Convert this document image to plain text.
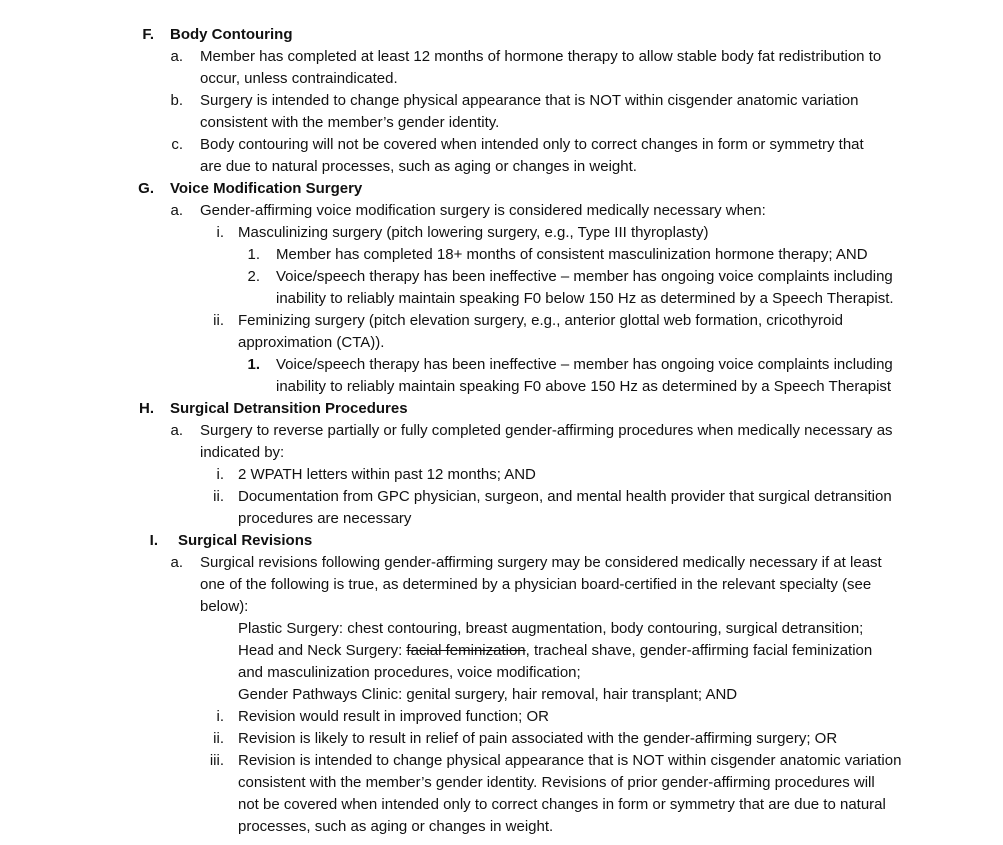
F. Body Contouring
a. Member has completed at least 12 months of hormone therapy to allow stable body fat redistribution to
occur, unless contraindicated.
b. Surgery is intended to change physical appearance that is NOT within cisgender anatomic variation
consistent with the member’s gender identity.
c. Body contouring will not be covered when intended only to correct changes in form or symmetry that
are due to natural processes, such as aging or changes in weight.
G. Voice Modification Surgery
a. Gender-affirming voice modification surgery is considered medically necessary when:
i. Masculinizing surgery (pitch lowering surgery, e.g., Type III thyroplasty)
1. Member has completed 18+ months of consistent masculinization hormone therapy; AND
2. Voice/speech therapy has been ineffective – member has ongoing voice complaints including
inability to reliably maintain speaking F0 below 150 Hz as determined by a Speech Therapist.
ii. Feminizing surgery (pitch elevation surgery, e.g., anterior glottal web formation, cricothyroid
approximation (CTA)).
1. Voice/speech therapy has been ineffective – member has ongoing voice complaints including
inability to reliably maintain speaking F0 above 150 Hz as determined by a Speech Therapist
H. Surgical Detransition Procedures
a. Surgery to reverse partially or fully completed gender-affirming procedures when medically necessary as
indicated by:
i. 2 WPATH letters within past 12 months; AND
ii. Documentation from GPC physician, surgeon, and mental health provider that surgical detransition
procedures are necessary
I. Surgical Revisions
a. Surgical revisions following gender-affirming surgery may be considered medically necessary if at least
one of the following is true, as determined by a physician board-certified in the relevant specialty (see
below):
Plastic Surgery: chest contouring, breast augmentation, body contouring, surgical detransition;
Head and Neck Surgery: facial feminization, tracheal shave, gender-affirming facial feminization
and masculinization procedures, voice modification;
Gender Pathways Clinic: genital surgery, hair removal, hair transplant; AND
i. Revision would result in improved function; OR
ii. Revision is likely to result in relief of pain associated with the gender-affirming surgery; OR
iii. Revision is intended to change physical appearance that is NOT within cisgender anatomic variation
consistent with the member’s gender identity. Revisions of prior gender-affirming procedures will
not be covered when intended only to correct changes in form or symmetry that are due to natural
processes, such as aging or changes in weight.
